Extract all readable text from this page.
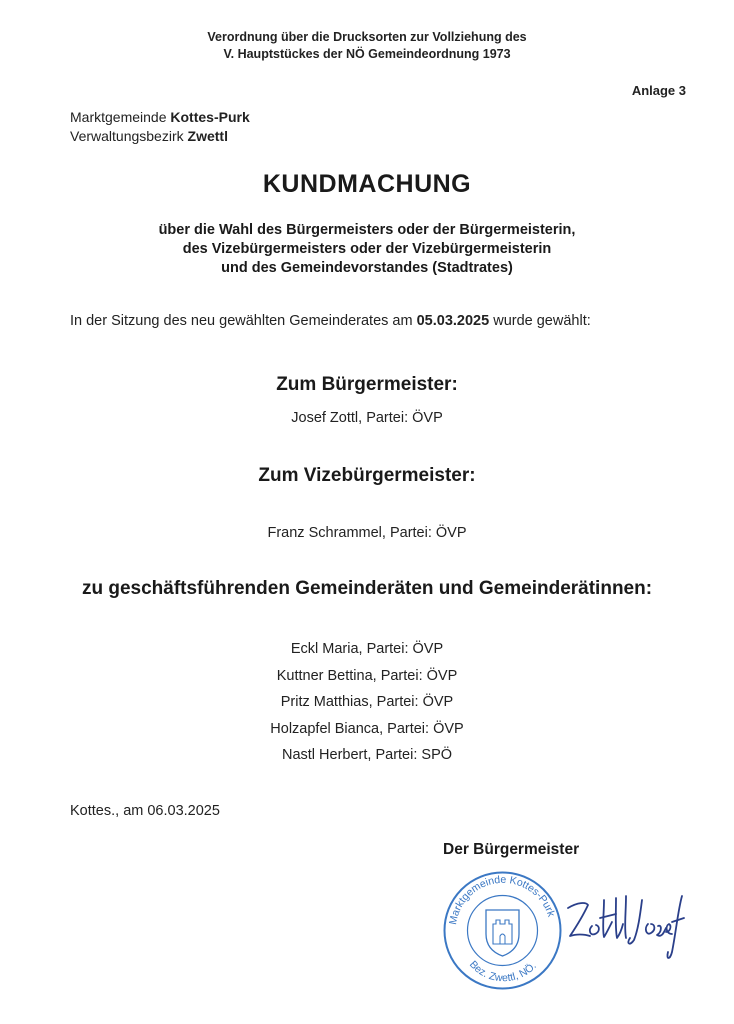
Verordnung über die Drucksorten zur Vollziehung des
V. Hauptstückes der NÖ Gemeindeordnung 1973
Anlage 3
Marktgemeinde Kottes-Purk
Verwaltungsbezirk Zwettl
KUNDMACHUNG
über die Wahl des Bürgermeisters oder der Bürgermeisterin,
des Vizebürgermeisters oder der Vizebürgermeisterin
und des Gemeindevorstandes (Stadtrates)
In der Sitzung des neu gewählten Gemeinderates am 05.03.2025 wurde gewählt:
Zum Bürgermeister:
Josef Zottl, Partei: ÖVP
Zum Vizebürgermeister:
Franz Schrammel, Partei: ÖVP
zu geschäftsführenden Gemeinderäten und Gemeinderätinnen:
Eckl Maria, Partei: ÖVP
Kuttner Bettina, Partei: ÖVP
Pritz Matthias, Partei: ÖVP
Holzapfel Bianca, Partei: ÖVP
Nastl Herbert, Partei: SPÖ
Kottes., am 06.03.2025
Der Bürgermeister
Marktgemeinde Kottes-Purk
Bez. Zwettl, NÖ.
